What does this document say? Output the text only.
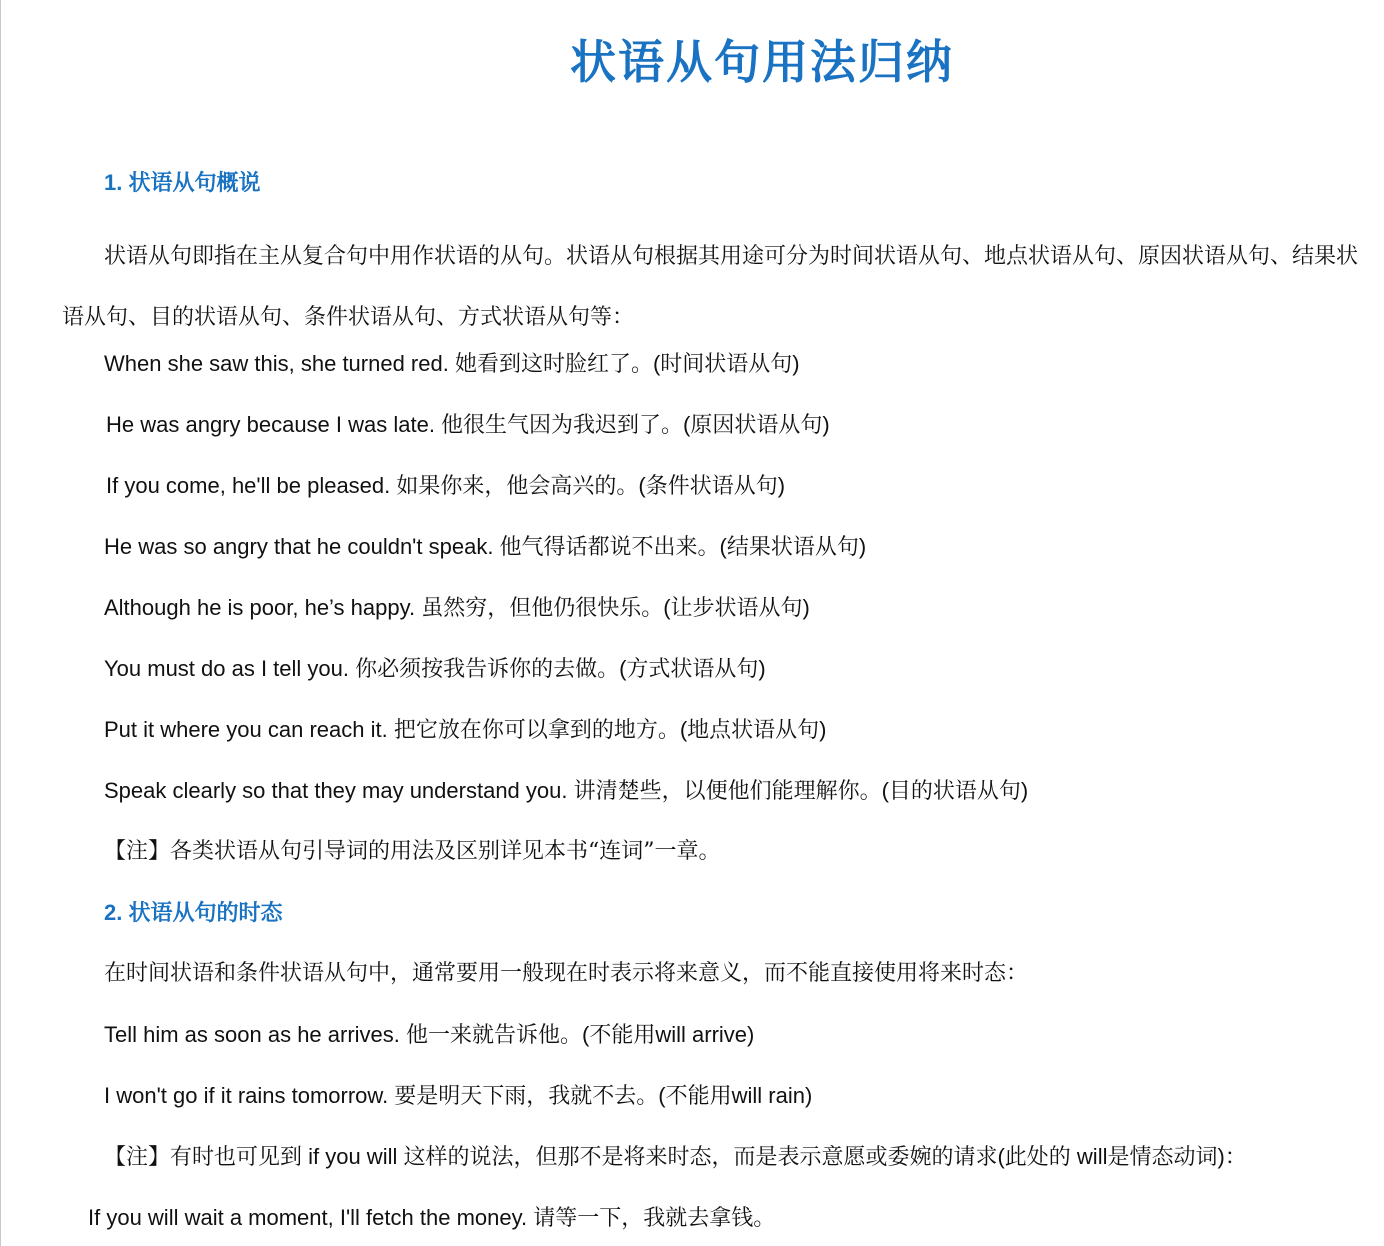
状语从句用法归纳
1. 状语从句概说
状语从句即指在主从复合句中用作状语的从句。状语从句根据其用途可分为时间状语从句、地点状语从句、原因状语从句、结果状语从句、目的状语从句、条件状语从句、方式状语从句等：
When she saw this, she turned red. 她看到这时脸红了。(时间状语从句)
He was angry because I was late. 他很生气因为我迟到了。(原因状语从句)
If you come, he'll be pleased. 如果你来，他会高兴的。(条件状语从句)
He was so angry that he couldn't speak. 他气得话都说不出来。(结果状语从句)
Although he is poor, he’s happy. 虽然穷，但他仍很快乐。(让步状语从句)
You must do as I tell you. 你必须按我告诉你的去做。(方式状语从句)
Put it where you can reach it. 把它放在你可以拿到的地方。(地点状语从句)
Speak clearly so that they may understand you. 讲清楚些，以便他们能理解你。(目的状语从句)
【注】各类状语从句引导词的用法及区别详见本书“连词”一章。
2. 状语从句的时态
在时间状语和条件状语从句中，通常要用一般现在时表示将来意义，而不能直接使用将来时态：
Tell him as soon as he arrives. 他一来就告诉他。(不能用will arrive)
I won't go if it rains tomorrow. 要是明天下雨，我就不去。(不能用will rain)
【注】有时也可见到 if you will 这样的说法，但那不是将来时态，而是表示意愿或委婉的请求(此处的 will是情态动词)：
If you will wait a moment, I'll fetch the money. 请等一下，我就去拿钱。
